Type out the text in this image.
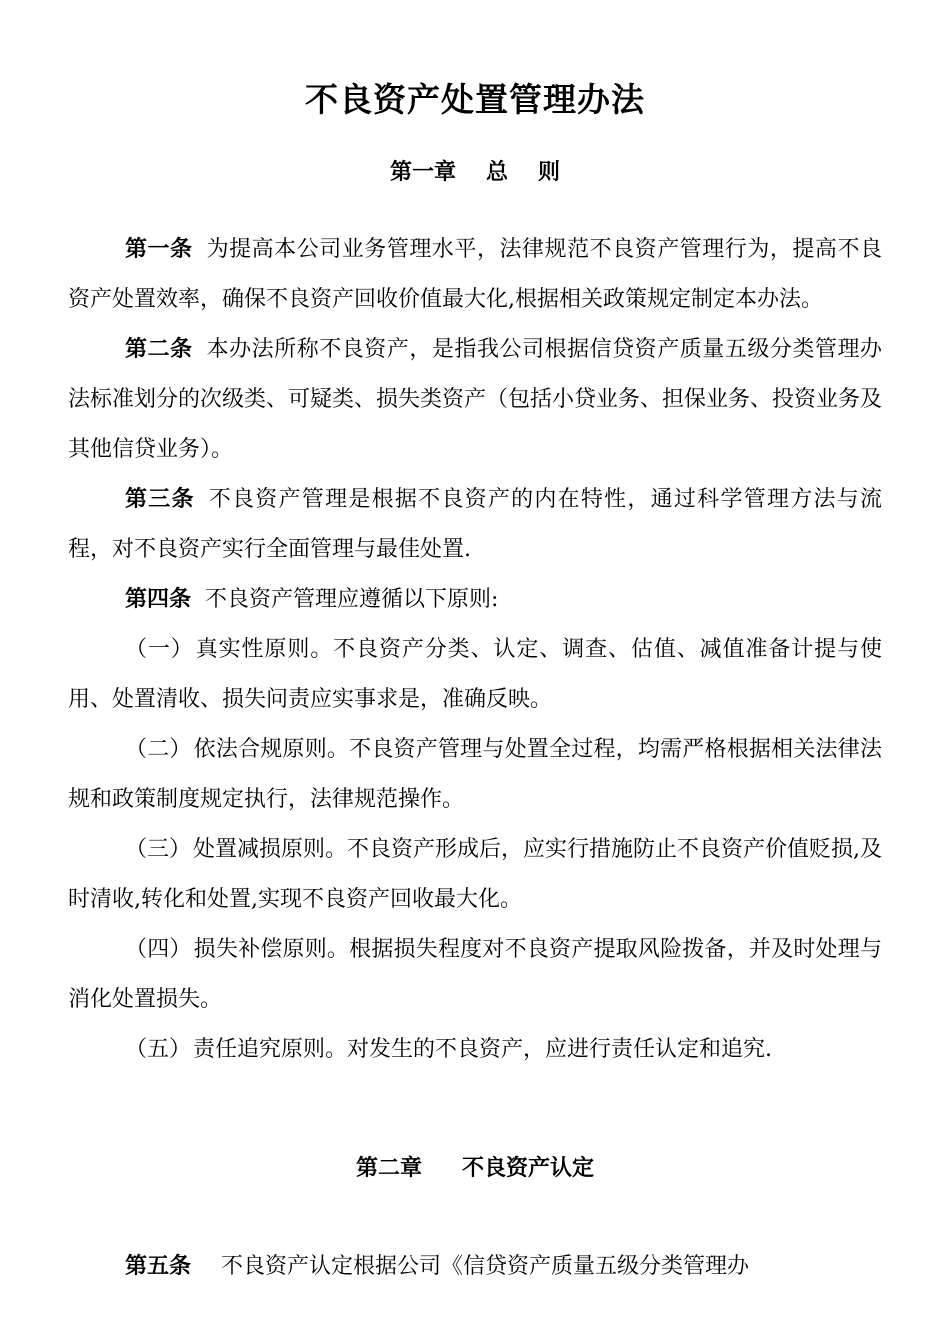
不良资产处置管理办法
第一章 总 则

第一条 为提高本公司业务管理水平，法律规范不良资产管理行为，提高不良资产处置效率，确保不良资产回收价值最大化,根据相关政策规定制定本办法。

第二条 本办法所称不良资产，是指我公司根据信贷资产质量五级分类管理办法标准划分的次级类、可疑类、损失类资产（包括小贷业务、担保业务、投资业务及其他信贷业务）。

第三条 不良资产管理是根据不良资产的内在特性，通过科学管理方法与流程，对不良资产实行全面管理与最佳处置.

第四条 不良资产管理应遵循以下原则:

（一）真实性原则。不良资产分类、认定、调查、估值、减值准备计提与使用、处置清收、损失问责应实事求是，准确反映。

（二）依法合规原则。不良资产管理与处置全过程，均需严格根据相关法律法规和政策制度规定执行，法律规范操作。

（三）处置减损原则。不良资产形成后，应实行措施防止不良资产价值贬损,及时清收,转化和处置,实现不良资产回收最大化。

（四）损失补偿原则。根据损失程度对不良资产提取风险拨备，并及时处理与消化处置损失。

（五）责任追究原则。对发生的不良资产，应进行责任认定和追究.

第二章 不良资产认定

第五条 不良资产认定根据公司《信贷资产质量五级分类管理办
